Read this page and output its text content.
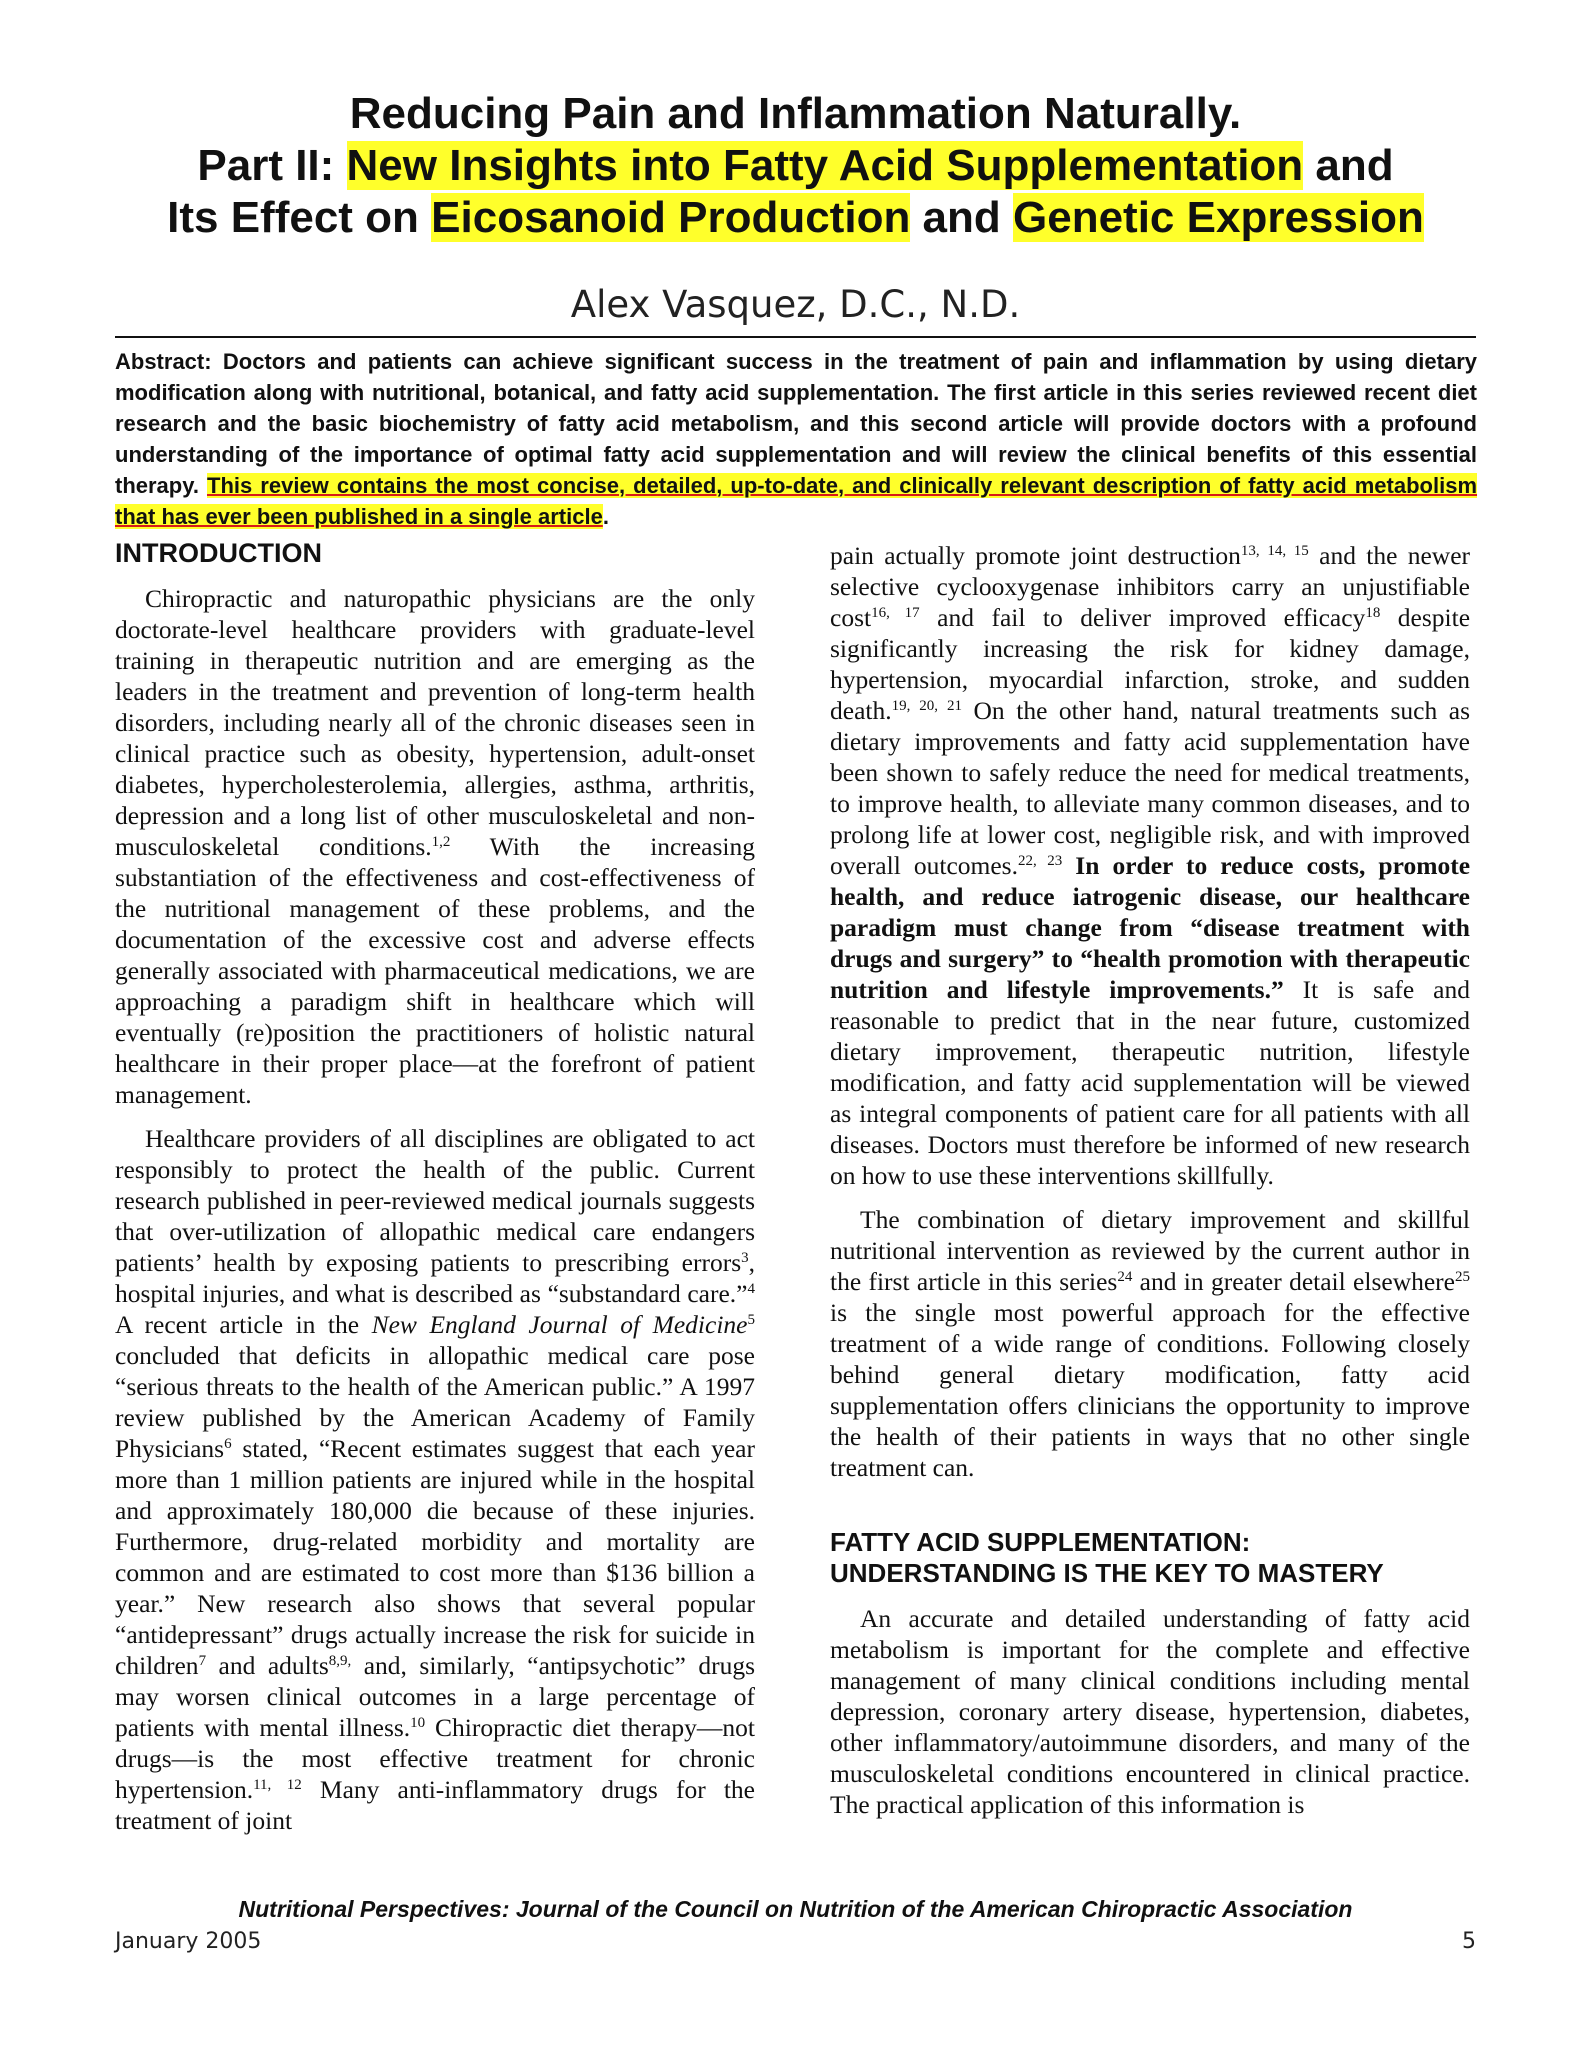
Reducing Pain and Inflammation Naturally.
Part II: New Insights into Fatty Acid Supplementation and
Its Effect on Eicosanoid Production and Genetic Expression
Alex Vasquez, D.C., N.D.
Abstract: Doctors and patients can achieve significant success in the treatment of pain and inflammation by using dietary modification along with nutritional, botanical, and fatty acid supplementation. The first article in this series reviewed recent diet research and the basic biochemistry of fatty acid metabolism, and this second article will provide doctors with a profound understanding of the importance of optimal fatty acid supplementation and will review the clinical benefits of this essential therapy. This review contains the most concise, detailed, up-to-date, and clinically relevant description of fatty acid metabolism that has ever been published in a single article.
INTRODUCTION

Chiropractic and naturopathic physicians are the only doctorate-level healthcare providers with graduate-level training in therapeutic nutrition and are emerging as the leaders in the treatment and prevention of long-term health disorders, including nearly all of the chronic diseases seen in clinical practice such as obesity, hypertension, adult-onset diabetes, hypercholesterolemia, allergies, asthma, arthritis, depression and a long list of other musculoskeletal and non-musculoskeletal conditions.$^{1,2}$ With the increasing substantiation of the effectiveness and cost-effectiveness of the nutritional management of these problems, and the documentation of the excessive cost and adverse effects generally associated with pharmaceutical medications, we are approaching a paradigm shift in healthcare which will eventually (re)position the practitioners of holistic natural healthcare in their proper place—at the forefront of patient management.

Healthcare providers of all disciplines are obligated to act responsibly to protect the health of the public. Current research published in peer-reviewed medical journals suggests that over-utilization of allopathic medical care endangers patients’ health by exposing patients to prescribing errors$^3$, hospital injuries, and what is described as “substandard care.”$^4$ A recent article in the New England Journal of Medicine$^5$ concluded that deficits in allopathic medical care pose “serious threats to the health of the American public.” A 1997 review published by the American Academy of Family Physicians$^6$ stated, “Recent estimates suggest that each year more than 1 million patients are injured while in the hospital and approximately 180,000 die because of these injuries. Furthermore, drug-related morbidity and mortality are common and are estimated to cost more than $136 billion a year.” New research also shows that several popular “antidepressant” drugs actually increase the risk for suicide in children$^7$ and adults$^{8,9,}$ and, similarly, “antipsychotic” drugs may worsen clinical outcomes in a large percentage of patients with mental illness.$^{10}$ Chiropractic diet therapy—not drugs—is the most effective treatment for chronic hypertension.$^{11, 12}$ Many anti-inflammatory drugs for the treatment of joint

pain actually promote joint destruction$^{13, 14, 15}$ and the newer selective cyclooxygenase inhibitors carry an unjustifiable cost$^{16, 17}$ and fail to deliver improved efficacy$^{18}$ despite significantly increasing the risk for kidney damage, hypertension, myocardial infarction, stroke, and sudden death.$^{19, 20, 21}$ On the other hand, natural treatments such as dietary improvements and fatty acid supplementation have been shown to safely reduce the need for medical treatments, to improve health, to alleviate many common diseases, and to prolong life at lower cost, negligible risk, and with improved overall outcomes.$^{22, 23}$ In order to reduce costs, promote health, and reduce iatrogenic disease, our healthcare paradigm must change from “disease treatment with drugs and surgery” to “health promotion with therapeutic nutrition and lifestyle improvements.” It is safe and reasonable to predict that in the near future, customized dietary improvement, therapeutic nutrition, lifestyle modification, and fatty acid supplementation will be viewed as integral components of patient care for all patients with all diseases. Doctors must therefore be informed of new research on how to use these interventions skillfully.

The combination of dietary improvement and skillful nutritional intervention as reviewed by the current author in the first article in this series$^{24}$ and in greater detail elsewhere$^{25}$ is the single most powerful approach for the effective treatment of a wide range of conditions. Following closely behind general dietary modification, fatty acid supplementation offers clinicians the opportunity to improve the health of their patients in ways that no other single treatment can.

FATTY ACID SUPPLEMENTATION: UNDERSTANDING IS THE KEY TO MASTERY

An accurate and detailed understanding of fatty acid metabolism is important for the complete and effective management of many clinical conditions including mental depression, coronary artery disease, hypertension, diabetes, other inflammatory/autoimmune disorders, and many of the musculoskeletal conditions encountered in clinical practice. The practical application of this information is

Nutritional Perspectives: Journal of the Council on Nutrition of the American Chiropractic Association
January 2005	5
